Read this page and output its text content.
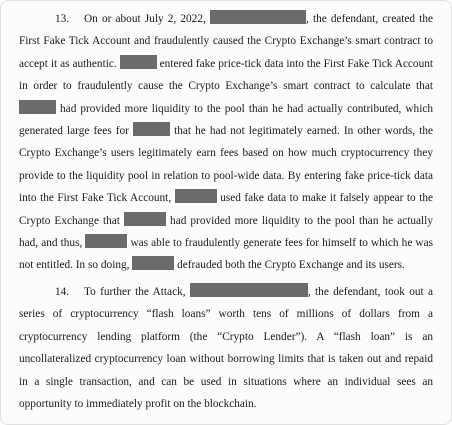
13. On or about July 2, 2022,	, the defendant, created the First Fake Tick Account and fraudulently caused the Crypto Exchange’s smart contract to accept it as authentic.	entered fake price-tick data into the First Fake Tick Account in order to fraudulently cause the Crypto Exchange’s smart contract to calculate that  had provided more liquidity to the pool than he had actually contributed, which generated large fees for	that he had not legitimately earned. In other words, the Crypto Exchange’s users legitimately earn fees based on how much cryptocurrency they provide to the liquidity pool in relation to pool-wide data. By entering fake price-tick data into the First Fake Tick Account,	used fake data to make it falsely appear to the Crypto Exchange that	had provided more liquidity to the pool than he actually had, and thus,	was able to fraudulently generate fees for himself to which he was not entitled. In so doing,	defrauded both the Crypto Exchange and its users.

14. To further the Attack,	, the defendant, took out a series of cryptocurrency “flash loans” worth tens of millions of dollars from a cryptocurrency lending platform (the “Crypto Lender”). A “flash loan” is an uncollateralized cryptocurrency loan without borrowing limits that is taken out and repaid in a single transaction, and can be used in situations where an individual sees an opportunity to immediately profit on the blockchain.
